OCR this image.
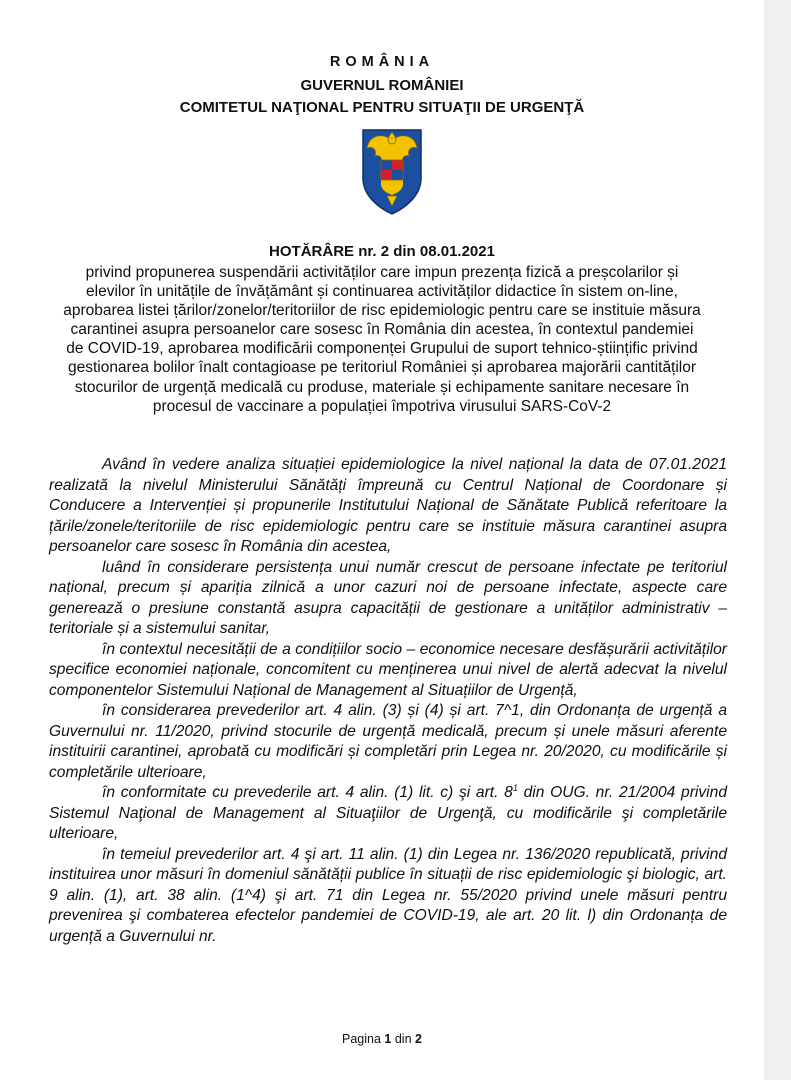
ROMÂNIA
GUVERNUL ROMÂNIEI
COMITETUL NAŢIONAL PENTRU SITUAŢII DE URGENŢĂ
HOTĂRÂRE nr. 2 din 08.01.2021
privind propunerea suspendării activităților care impun prezența fizică a preșcolarilor și elevilor în unitățile de învățământ și continuarea activităților didactice în sistem on-line, aprobarea listei țărilor/zonelor/teritoriilor de risc epidemiologic pentru care se instituie măsura carantinei asupra persoanelor care sosesc în România din acestea, în contextul pandemiei de COVID-19, aprobarea modificării componenței Grupului de suport tehnico-științific privind gestionarea bolilor înalt contagioase pe teritoriul României și aprobarea majorării cantităților stocurilor de urgență medicală cu produse, materiale și echipamente sanitare necesare în procesul de vaccinare a populației împotriva virusului SARS-CoV-2

Având în vedere analiza situației epidemiologice la nivel național la data de 07.01.2021 realizată la nivelul Ministerului Sănătăți împreună cu Centrul Național de Coordonare și Conducere a Intervenției și propunerile Institutului Național de Sănătate Publică referitoare la țările/zonele/teritoriile de risc epidemiologic pentru care se instituie măsura carantinei asupra persoanelor care sosesc în România din acestea,

luând în considerare persistența unui număr crescut de persoane infectate pe teritoriul național, precum și apariția zilnică a unor cazuri noi de persoane infectate, aspecte care generează o presiune constantă asupra capacității de gestionare a unităților administrativ – teritoriale și a sistemului sanitar,

în contextul necesității de a condițiilor socio – economice necesare desfășurării activităților specifice economiei naționale, concomitent cu menținerea unui nivel de alertă adecvat la nivelul componentelor Sistemului Național de Management al Situațiilor de Urgență,

în considerarea prevederilor art. 4 alin. (3) și (4) și art. 7^1, din Ordonanța de urgență a Guvernului nr. 11/2020, privind stocurile de urgență medicală, precum și unele măsuri aferente instituirii carantinei, aprobată cu modificări și completări prin Legea nr. 20/2020, cu modificările și completările ulterioare,

în conformitate cu prevederile art. 4 alin. (1) lit. c) şi art. $8^1$ din OUG. nr. 21/2004 privind Sistemul Naţional de Management al Situaţiilor de Urgenţă, cu modificările şi completările ulterioare,

în temeiul prevederilor art. 4 şi art. 11 alin. (1) din Legea nr. 136/2020 republicată, privind instituirea unor măsuri în domeniul sănătății publice în situații de risc epidemiologic şi biologic, art. 9 alin. (1), art. 38 alin. (1^4) şi art. 71 din Legea nr. 55/2020 privind unele măsuri pentru prevenirea şi combaterea efectelor pandemiei de COVID-19, ale art. 20 lit. l) din Ordonanța de urgență a Guvernului nr.

Pagina 1 din 2
